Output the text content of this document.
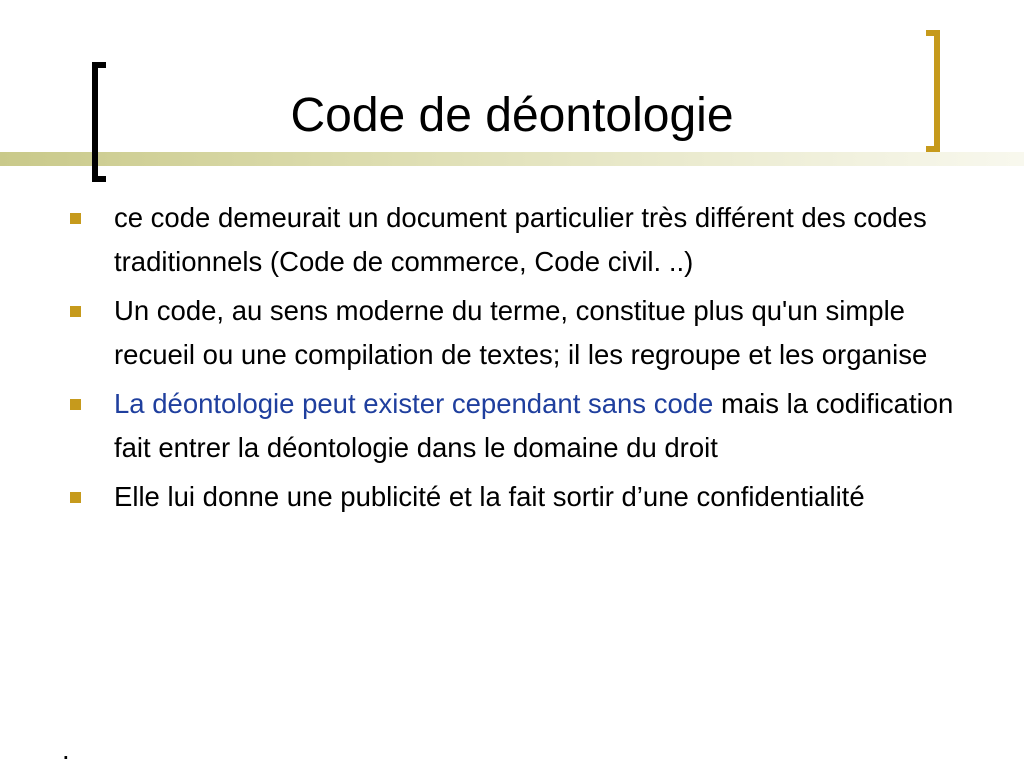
Code de déontologie
ce code demeurait un document particulier très différent des codes traditionnels (Code de commerce, Code civil. ..)
Un code, au sens moderne du terme, constitue plus qu'un simple recueil ou une compilation de textes; il les regroupe et les organise
La déontologie peut exister cependant sans code mais la codification fait entrer la déontologie dans le domaine du droit
Elle lui donne une publicité et la fait sortir d’une confidentialité
.
